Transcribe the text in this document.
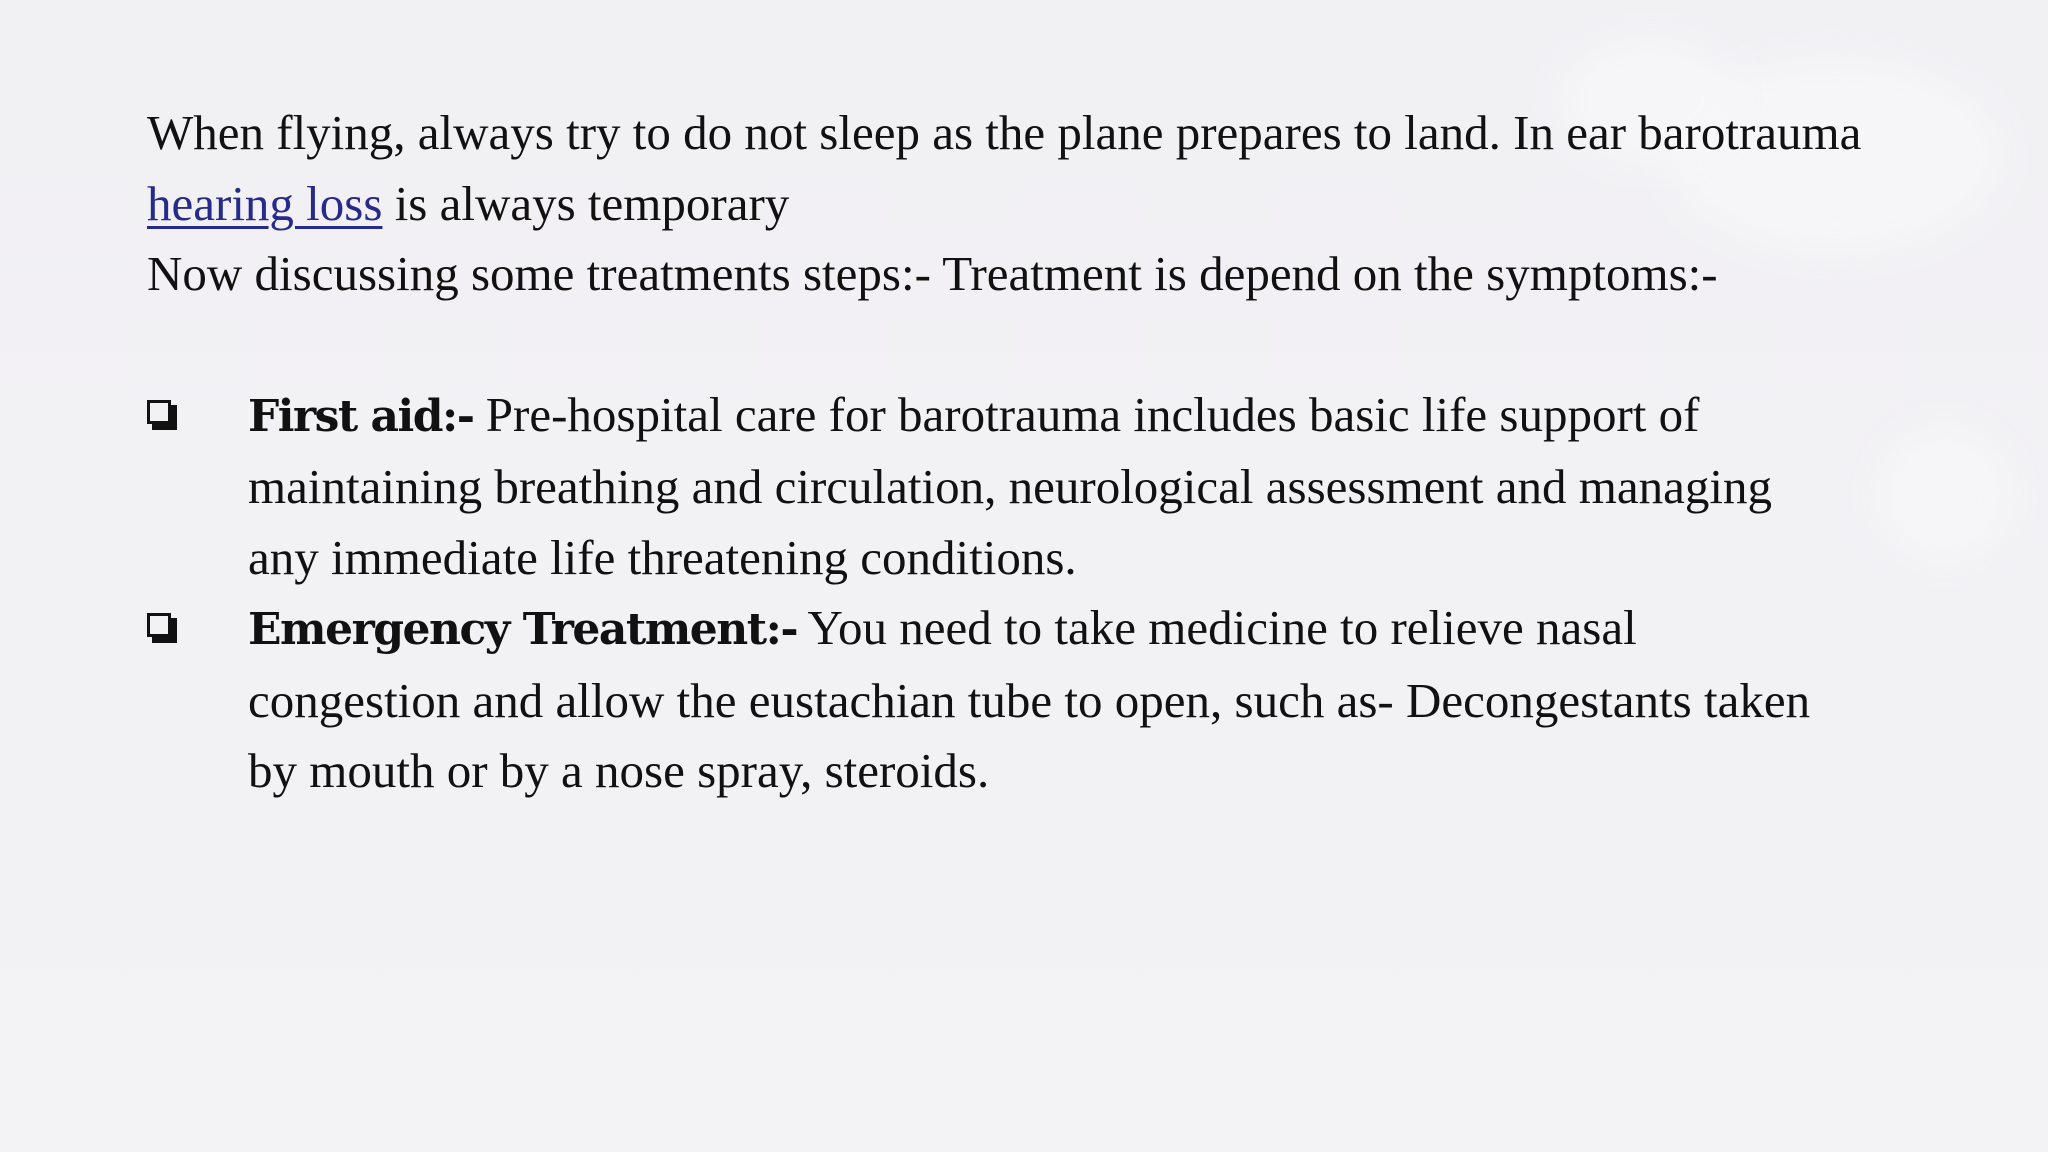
When flying, always try to do not sleep as the plane prepares to land. In ear barotrauma hearing loss is always temporary

Now discussing some treatments steps:- Treatment is depend on the symptoms:-

First aid:- Pre-hospital care for barotrauma includes basic life support of maintaining breathing and circulation, neurological assessment and managing any immediate life threatening conditions.
Emergency Treatment:- You need to take medicine to relieve nasal congestion and allow the eustachian tube to open, such as- Decongestants taken by mouth or by a nose spray, steroids.
